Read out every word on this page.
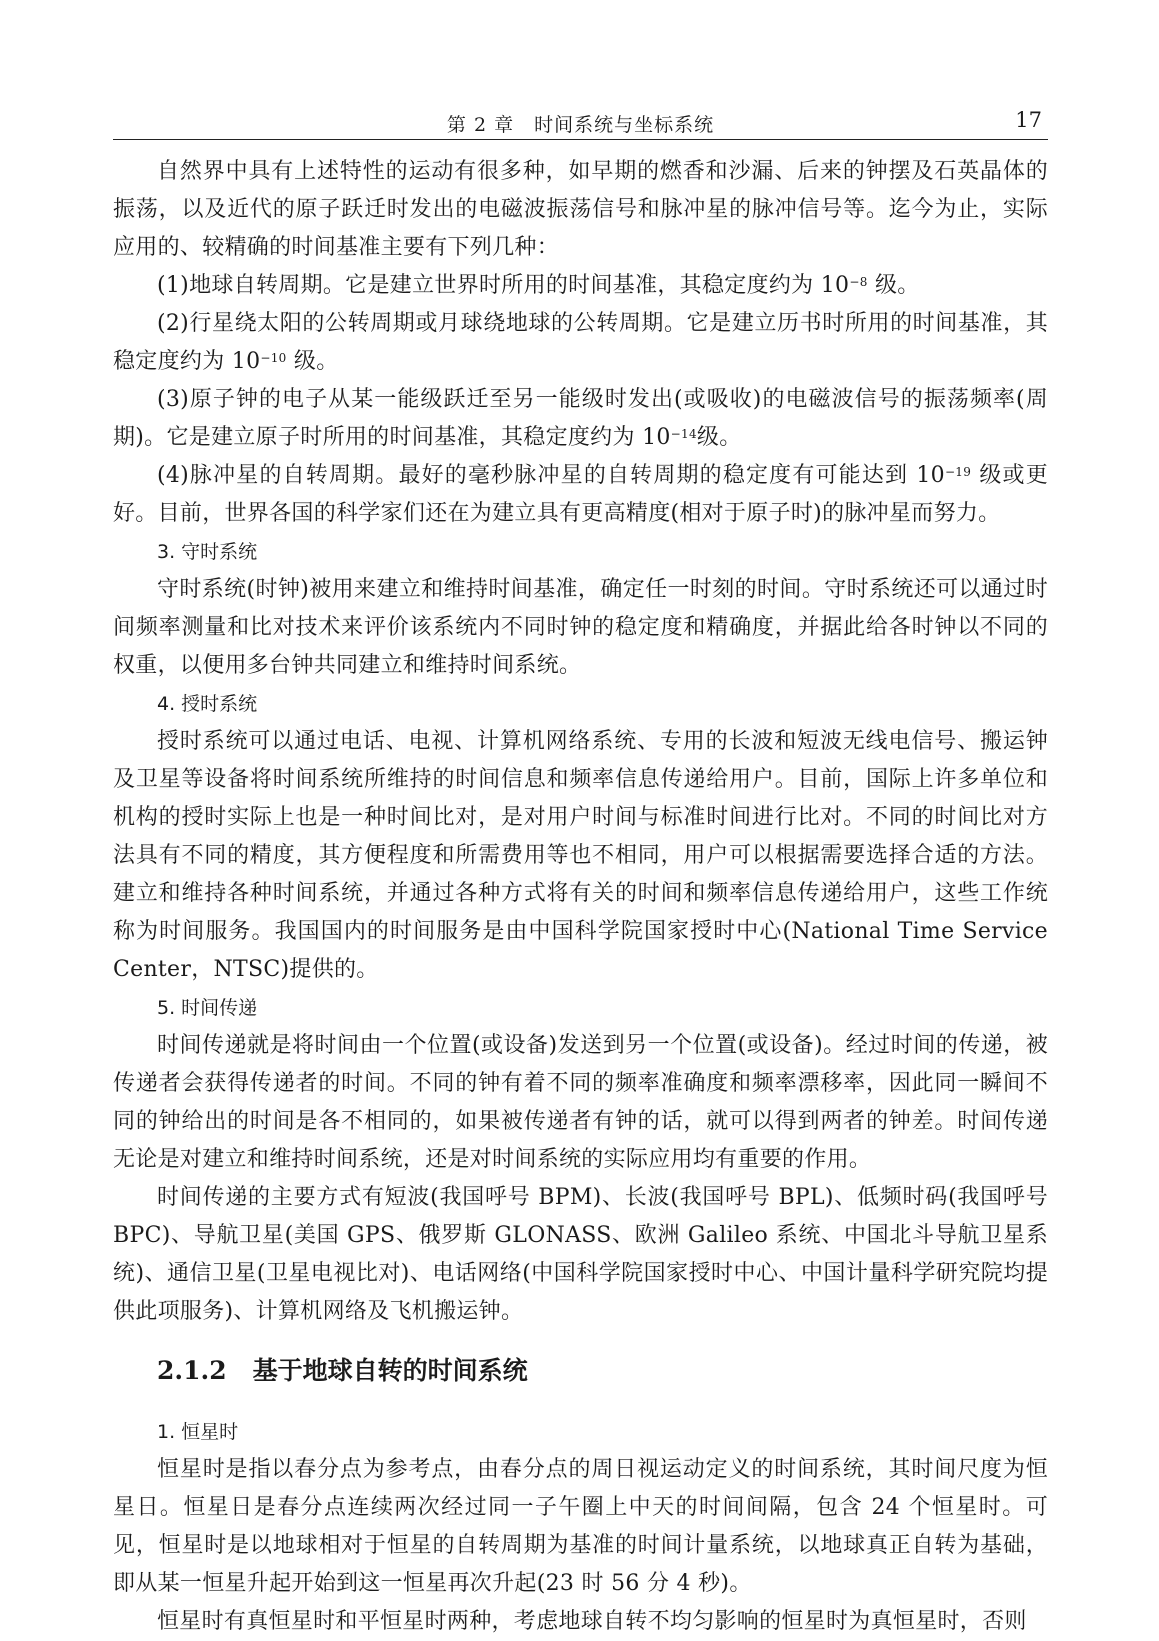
第 2 章　时间系统与坐标系统	17

自然界中具有上述特性的运动有很多种，如早期的燃香和沙漏、后来的钟摆及石英晶体的振荡，以及近代的原子跃迁时发出的电磁波振荡信号和脉冲星的脉冲信号等。迄今为止，实际应用的、较精确的时间基准主要有下列几种：

(1)地球自转周期。它是建立世界时所用的时间基准，其稳定度约为 $10^{-8}$ 级。

(2)行星绕太阳的公转周期或月球绕地球的公转周期。它是建立历书时所用的时间基准，其稳定度约为 $10^{-10}$ 级。

(3)原子钟的电子从某一能级跃迁至另一能级时发出(或吸收)的电磁波信号的振荡频率(周期)。它是建立原子时所用的时间基准，其稳定度约为 $10^{-14}$级。

(4)脉冲星的自转周期。最好的毫秒脉冲星的自转周期的稳定度有可能达到 $10^{-19}$ 级或更好。目前，世界各国的科学家们还在为建立具有更高精度(相对于原子时)的脉冲星而努力。

3. 守时系统

守时系统(时钟)被用来建立和维持时间基准，确定任一时刻的时间。守时系统还可以通过时间频率测量和比对技术来评价该系统内不同时钟的稳定度和精确度，并据此给各时钟以不同的权重，以便用多台钟共同建立和维持时间系统。

4. 授时系统

授时系统可以通过电话、电视、计算机网络系统、专用的长波和短波无线电信号、搬运钟及卫星等设备将时间系统所维持的时间信息和频率信息传递给用户。目前，国际上许多单位和机构的授时实际上也是一种时间比对，是对用户时间与标准时间进行比对。不同的时间比对方法具有不同的精度，其方便程度和所需费用等也不相同，用户可以根据需要选择合适的方法。建立和维持各种时间系统，并通过各种方式将有关的时间和频率信息传递给用户，这些工作统称为时间服务。我国国内的时间服务是由中国科学院国家授时中心(National Time Service Center，NTSC)提供的。

5. 时间传递

时间传递就是将时间由一个位置(或设备)发送到另一个位置(或设备)。经过时间的传递，被传递者会获得传递者的时间。不同的钟有着不同的频率准确度和频率漂移率，因此同一瞬间不同的钟给出的时间是各不相同的，如果被传递者有钟的话，就可以得到两者的钟差。时间传递无论是对建立和维持时间系统，还是对时间系统的实际应用均有重要的作用。

时间传递的主要方式有短波(我国呼号 BPM)、长波(我国呼号 BPL)、低频时码(我国呼号 BPC)、导航卫星(美国 GPS、俄罗斯 GLONASS、欧洲 Galileo 系统、中国北斗导航卫星系统)、通信卫星(卫星电视比对)、电话网络(中国科学院国家授时中心、中国计量科学研究院均提供此项服务)、计算机网络及飞机搬运钟。

2.1.2 基于地球自转的时间系统
1. 恒星时

恒星时是指以春分点为参考点，由春分点的周日视运动定义的时间系统，其时间尺度为恒星日。恒星日是春分点连续两次经过同一子午圈上中天的时间间隔，包含 24 个恒星时。可见，恒星时是以地球相对于恒星的自转周期为基准的时间计量系统，以地球真正自转为基础，即从某一恒星升起开始到这一恒星再次升起(23 时 56 分 4 秒)。

恒星时有真恒星时和平恒星时两种，考虑地球自转不均匀影响的恒星时为真恒星时，否则
